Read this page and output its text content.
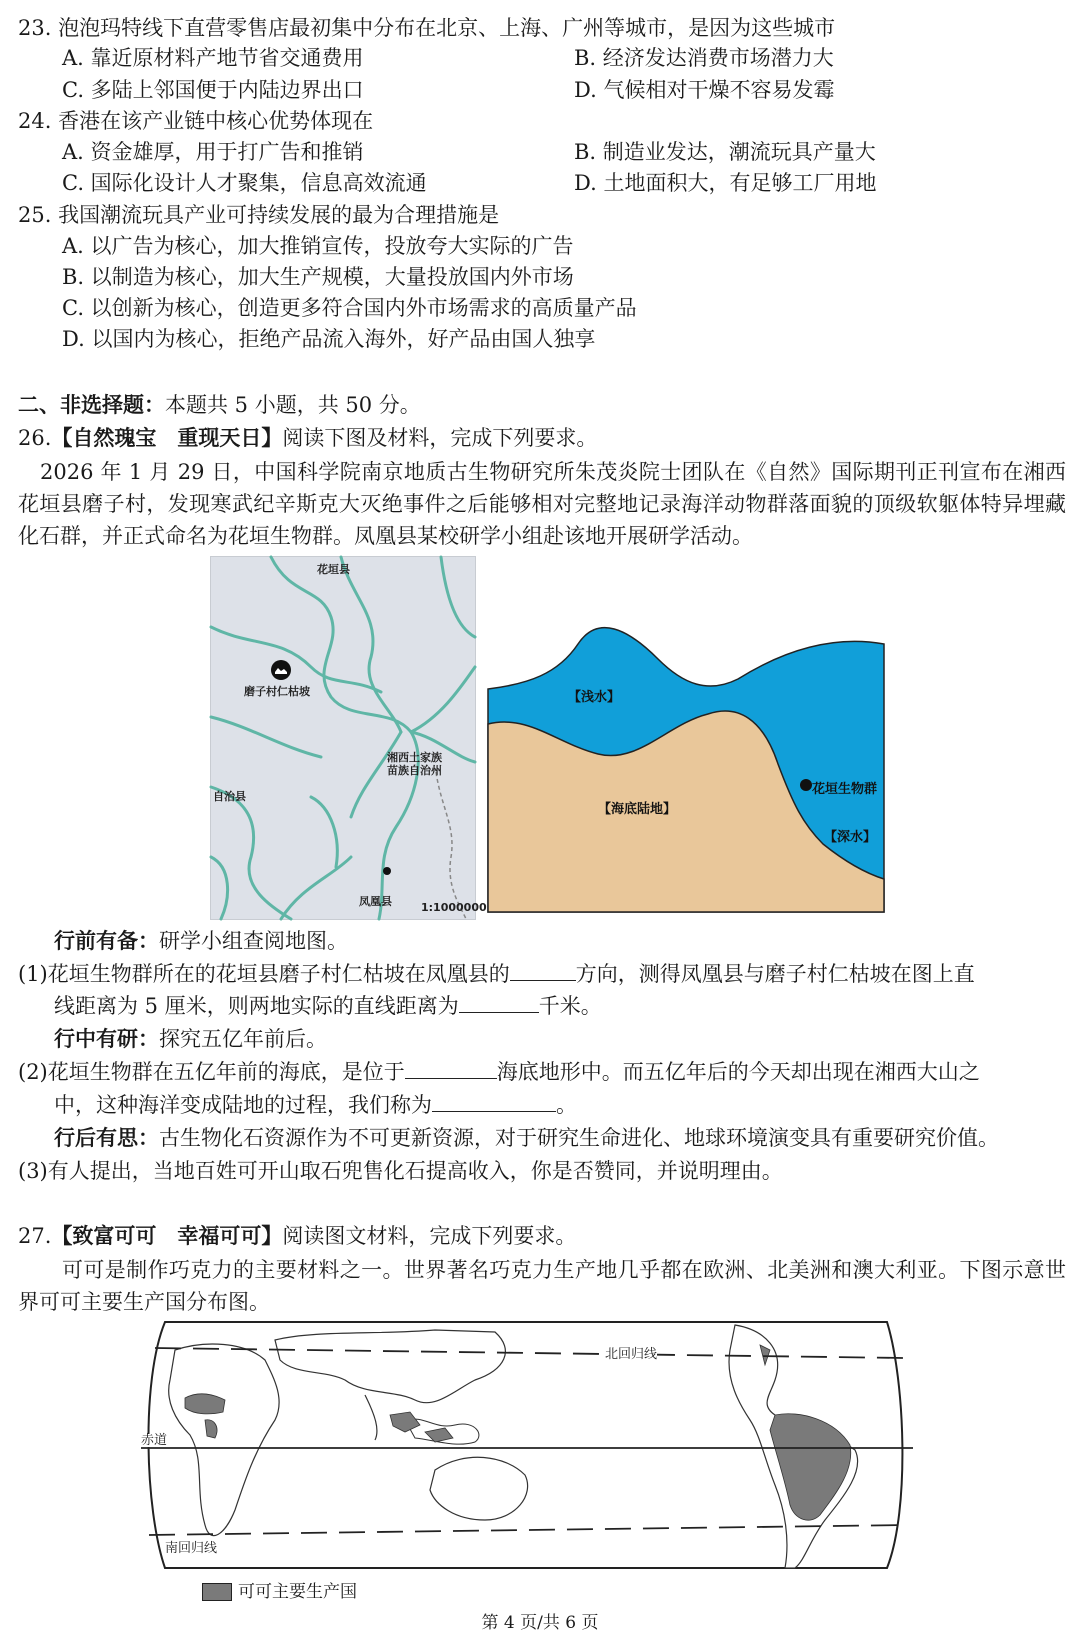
23. 泡泡玛特线下直营零售店最初集中分布在北京、上海、广州等城市，是因为这些城市
A. 靠近原材料产地节省交通费用	B. 经济发达消费市场潜力大
C. 多陆上邻国便于内陆边界出口	D. 气候相对干燥不容易发霉
24. 香港在该产业链中核心优势体现在
A. 资金雄厚，用于打广告和推销	B. 制造业发达，潮流玩具产量大
C. 国际化设计人才聚集，信息高效流通	D. 土地面积大，有足够工厂用地
25. 我国潮流玩具产业可持续发展的最为合理措施是
A. 以广告为核心，加大推销宣传，投放夸大实际的广告
B. 以制造为核心，加大生产规模，大量投放国内外市场
C. 以创新为核心，创造更多符合国内外市场需求的高质量产品
D. 以国内为核心，拒绝产品流入海外，好产品由国人独享
二、非选择题：本题共 5 小题，共 50 分。
26.【自然瑰宝　重现天日】阅读下图及材料，完成下列要求。
2026 年 1 月 29 日，中国科学院南京地质古生物研究所朱茂炎院士团队在《自然》国际期刊正刊宣布在湘西花垣县磨子村，发现寒武纪辛斯克大灭绝事件之后能够相对完整地记录海洋动物群落面貌的顶级软躯体特异埋藏化石群，并正式命名为花垣生物群。凤凰县某校研学小组赴该地开展研学活动。
花垣县
磨子村仁枯坡
湘西土家族
苗族自治州
自治县
凤凰县	1:1000000
【浅水】
【海底陆地】
花垣生物群
【深水】
行前有备：研学小组查阅地图。
(1)花垣生物群所在的花垣县磨子村仁枯坡在凤凰县的	方向，测得凤凰县与磨子村仁枯坡在图上直
线距离为 5 厘米，则两地实际的直线距离为	千米。
行中有研：探究五亿年前后。
(2)花垣生物群在五亿年前的海底，是位于	海底地形中。而五亿年后的今天却出现在湘西大山之
中，这种海洋变成陆地的过程，我们称为	。
行后有思：古生物化石资源作为不可更新资源，对于研究生命进化、地球环境演变具有重要研究价值。
(3)有人提出，当地百姓可开山取石兜售化石提高收入，你是否赞同，并说明理由。
27.【致富可可　幸福可可】阅读图文材料，完成下列要求。
可可是制作巧克力的主要材料之一。世界著名巧克力生产地几乎都在欧洲、北美洲和澳大利亚。下图示意世界可可主要生产国分布图。
北回归线
赤道
南回归线
可可主要生产国
第 4 页/共 6 页
